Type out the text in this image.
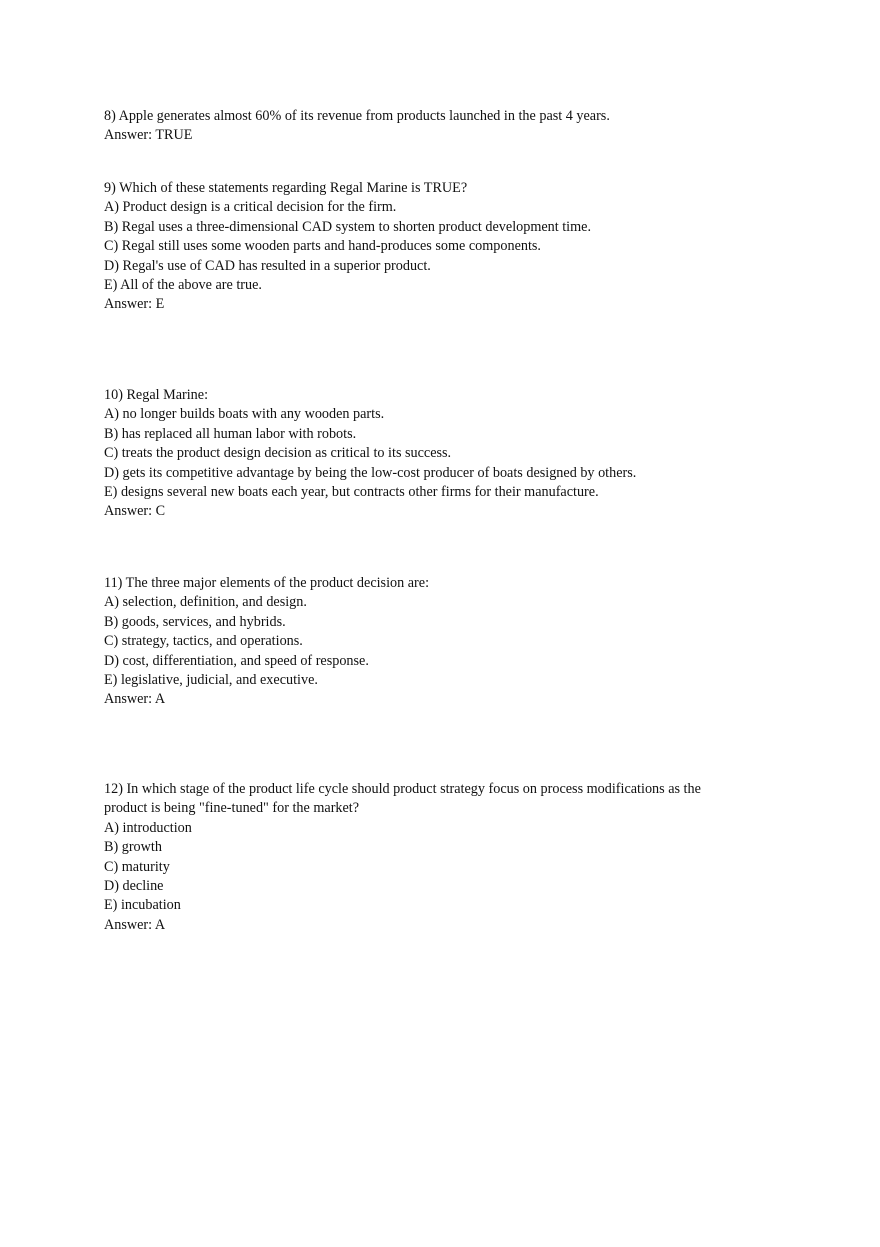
8) Apple generates almost 60% of its revenue from products launched in the past 4 years.
Answer: TRUE
9) Which of these statements regarding Regal Marine is TRUE?
A) Product design is a critical decision for the firm.
B) Regal uses a three-dimensional CAD system to shorten product development time.
C) Regal still uses some wooden parts and hand-produces some components.
D) Regal's use of CAD has resulted in a superior product.
E) All of the above are true.
Answer: E
10) Regal Marine:
A) no longer builds boats with any wooden parts.
B) has replaced all human labor with robots.
C) treats the product design decision as critical to its success.
D) gets its competitive advantage by being the low-cost producer of boats designed by others.
E) designs several new boats each year, but contracts other firms for their manufacture.
Answer: C
11) The three major elements of the product decision are:
A) selection, definition, and design.
B) goods, services, and hybrids.
C) strategy, tactics, and operations.
D) cost, differentiation, and speed of response.
E) legislative, judicial, and executive.
Answer: A
12) In which stage of the product life cycle should product strategy focus on process modifications as the
product is being "fine-tuned" for the market?
A) introduction
B) growth
C) maturity
D) decline
E) incubation
Answer: A
